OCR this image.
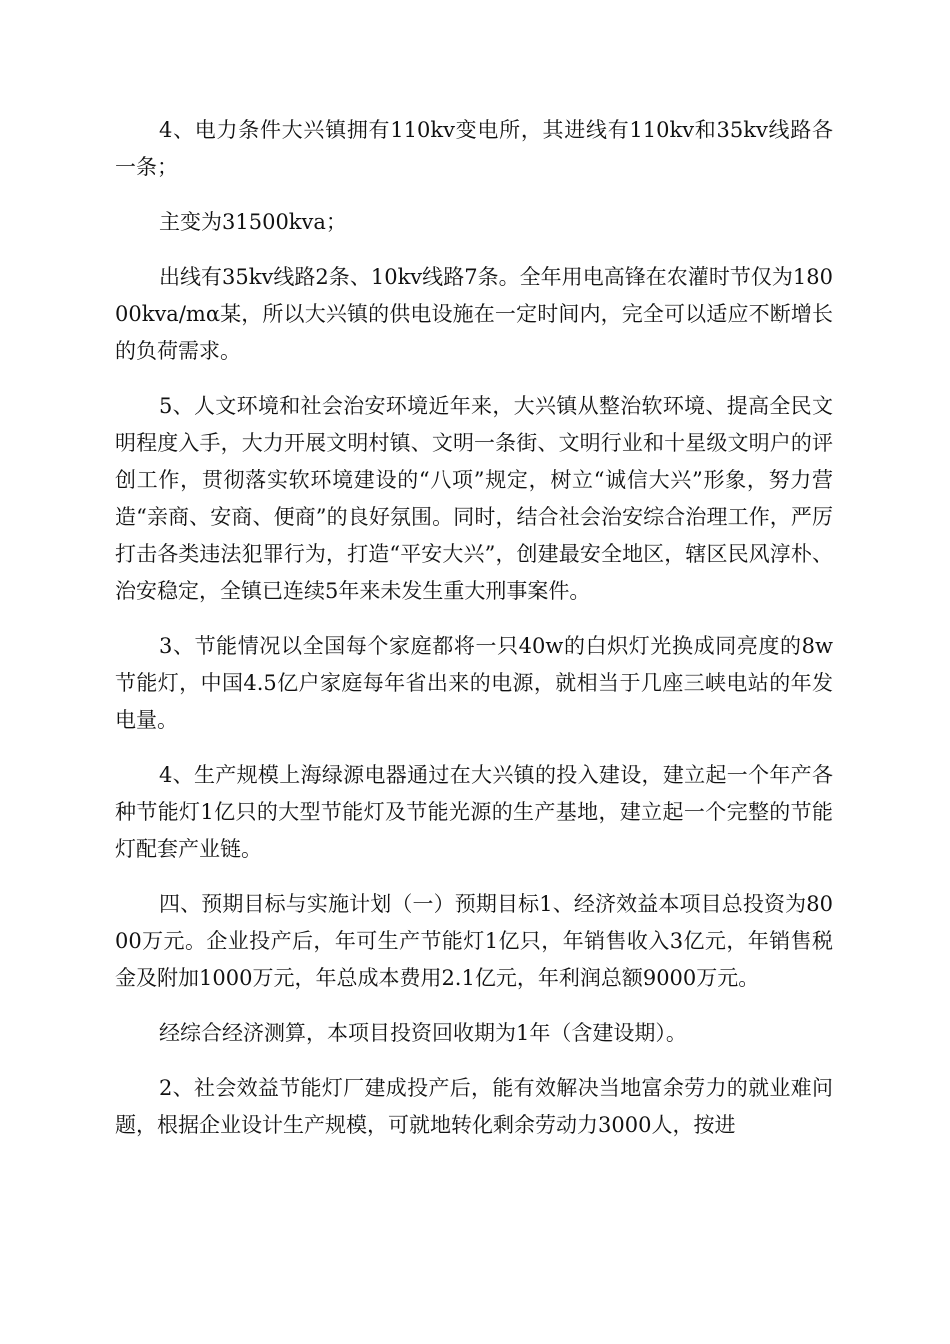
4、电力条件大兴镇拥有110kv变电所，其进线有110kv和35kv线路各一条；

主变为31500kva；

出线有35kv线路2条、10kv线路7条。全年用电高锋在农灌时节仅为18000kva/mα某，所以大兴镇的供电设施在一定时间内，完全可以适应不断增长的负荷需求。

5、人文环境和社会治安环境近年来，大兴镇从整治软环境、提高全民文明程度入手，大力开展文明村镇、文明一条街、文明行业和十星级文明户的评创工作，贯彻落实软环境建设的“八项”规定，树立“诚信大兴”形象，努力营造“亲商、安商、便商”的良好氛围。同时，结合社会治安综合治理工作，严厉打击各类违法犯罪行为，打造“平安大兴”，创建最安全地区，辖区民风淳朴、治安稳定，全镇已连续5年来未发生重大刑事案件。

3、节能情况以全国每个家庭都将一只40w的白炽灯光换成同亮度的8w节能灯，中国4.5亿户家庭每年省出来的电源，就相当于几座三峡电站的年发电量。

4、生产规模上海绿源电器通过在大兴镇的投入建设，建立起一个年产各种节能灯1亿只的大型节能灯及节能光源的生产基地，建立起一个完整的节能灯配套产业链。

四、预期目标与实施计划（一）预期目标1、经济效益本项目总投资为8000万元。企业投产后，年可生产节能灯1亿只，年销售收入3亿元，年销售税金及附加1000万元，年总成本费用2.1亿元，年利润总额9000万元。

经综合经济测算，本项目投资回收期为1年（含建设期）。

2、社会效益节能灯厂建成投产后，能有效解决当地富余劳力的就业难问题，根据企业设计生产规模，可就地转化剩余劳动力3000人，按进
